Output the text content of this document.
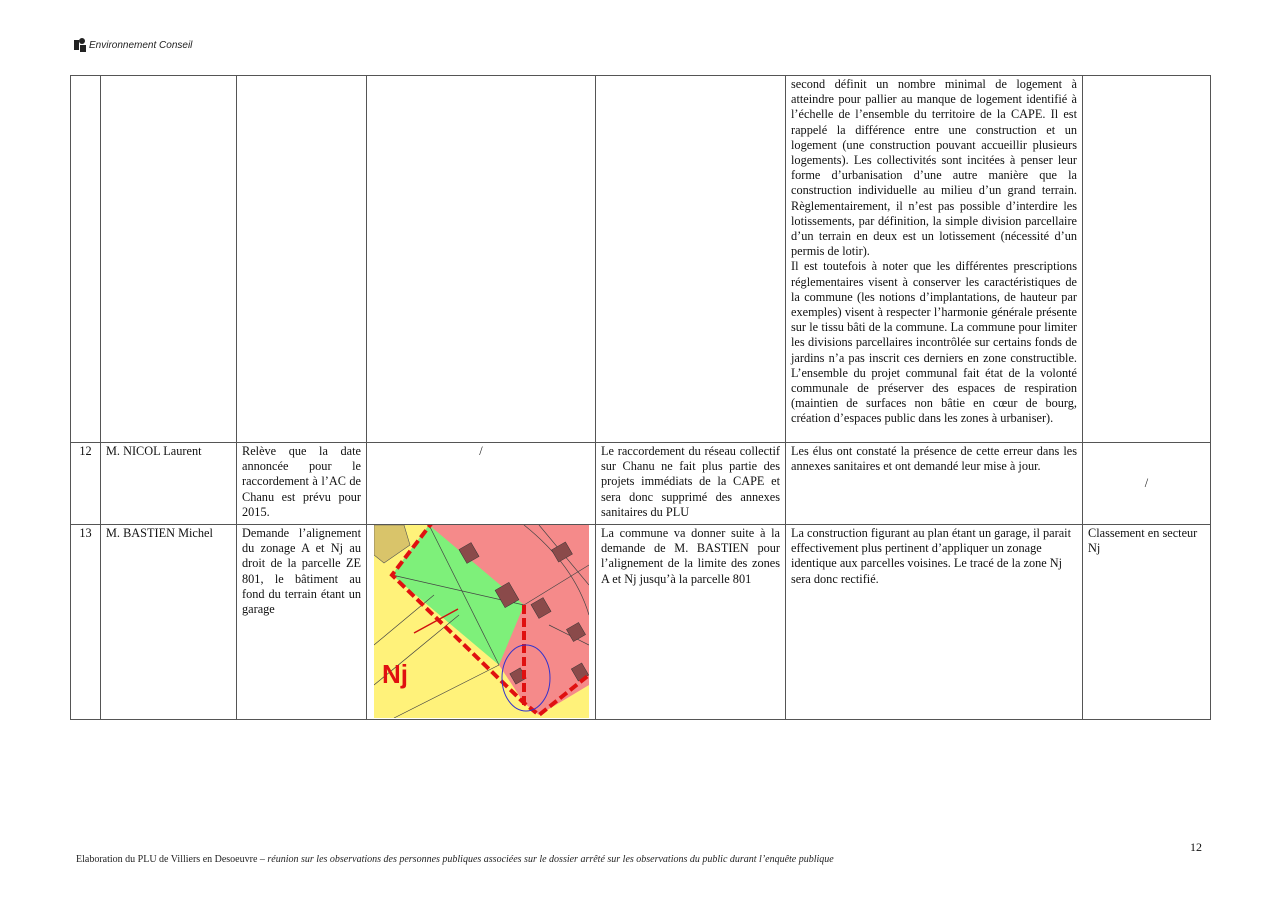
Environnement Conseil

					second définit un nombre minimal de logement à atteindre pour pallier au manque de logement identifié à l’échelle de l’ensemble du territoire de la CAPE. Il est rappelé la différence entre une construction et un logement (une construction pouvant accueillir plusieurs logements). Les collectivités sont incitées à penser leur forme d’urbanisation d’une autre manière que la construction individuelle au milieu d’un grand terrain. Règlementairement, il n’est pas possible d’interdire les lotissements, par définition, la simple division parcellaire d’un terrain en deux est un lotissement (nécessité d’un permis de lotir).
Il est toutefois à noter que les différentes prescriptions réglementaires visent à conserver les caractéristiques de la commune (les notions d’implantations, de hauteur par exemples) visent à respecter l’harmonie générale présente sur le tissu bâti de la commune. La commune pour limiter les divisions parcellaires incontrôlée sur certains fonds de jardins n’a pas inscrit ces derniers en zone constructible. L’ensemble du projet communal fait état de la volonté communale de préserver des espaces de respiration (maintien de surfaces non bâtie en cœur de bourg, création d’espaces public dans les zones à urbaniser).	

12	M. NICOL Laurent	Relève que la date annoncée pour le raccordement à l’AC de Chanu est prévu pour 2015.	/	Le raccordement du réseau collectif sur Chanu ne fait plus partie des projets immédiats de la CAPE et sera donc supprimé des annexes sanitaires du PLU	Les élus ont constaté la présence de cette erreur dans les annexes sanitaires et ont demandé leur mise à jour.	/
13	M. BASTIEN Michel	Demande l’alignement du zonage A et Nj au droit de la parcelle ZE 801, le bâtiment au fond du terrain étant un garage	Nj	La commune va donner suite à la demande de M. BASTIEN pour l’alignement de la limite des zones A et Nj jusqu’à la parcelle 801	La construction figurant au plan étant un garage, il parait effectivement plus pertinent d’appliquer un zonage identique aux parcelles voisines. Le tracé de la zone Nj sera donc rectifié.	Classement en secteur Nj
12
Elaboration du PLU de Villiers en Desoeuvre – réunion sur les observations des personnes publiques associées sur le dossier arrêté sur les observations du public durant l’enquête publique
